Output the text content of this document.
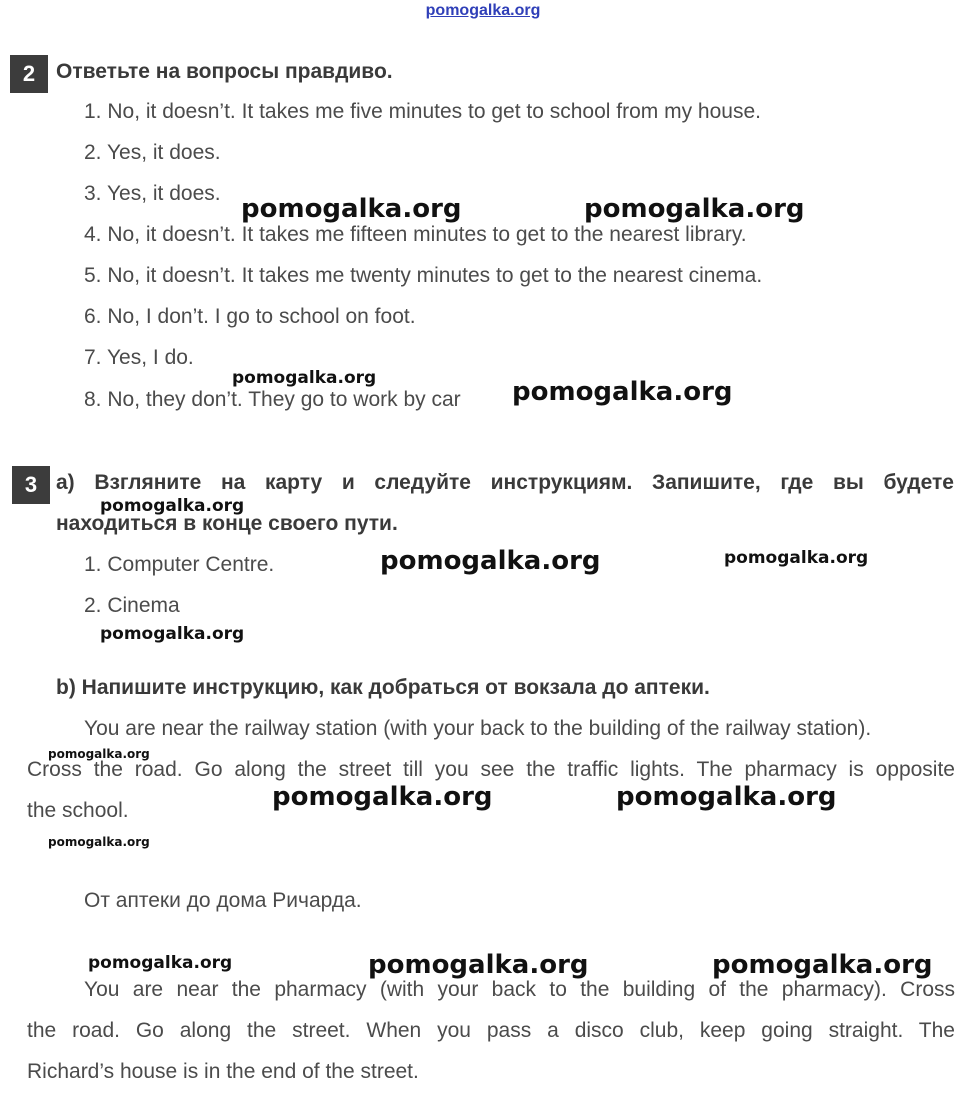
pomogalka.org
2 Ответьте на вопросы правдиво.
1. No, it doesn’t. It takes me five minutes to get to school from my house.
2. Yes, it does.
3. Yes, it does.
4. No, it doesn’t. It takes me fifteen minutes to get to the nearest library.
5. No, it doesn’t. It takes me twenty minutes to get to the nearest cinema.
6. No, I don’t. I go to school on foot.
7. Yes, I do.
8. No, they don’t. They go to work by car
3 a) Взгляните на карту и следуйте инструкциям. Запишите, где вы будете
находиться в конце своего пути.
1. Computer Centre.
2. Cinema
b) Напишите инструкцию, как добраться от вокзала до аптеки.
You are near the railway station (with your back to the building of the railway station).
Cross the road. Go along the street till you see the traffic lights. The pharmacy is opposite
the school.
От аптеки до дома Ричарда.
You are near the pharmacy (with your back to the building of the pharmacy). Cross
the road. Go along the street. When you pass a disco club, keep going straight. The
Richard’s house is in the end of the street.
pomogalka.org	pomogalka.org
pomogalka.org	pomogalka.org
pomogalka.org
pomogalka.org	pomogalka.org
pomogalka.org
pomogalka.org
pomogalka.org	pomogalka.org
pomogalka.org
pomogalka.org	pomogalka.org	pomogalka.org
